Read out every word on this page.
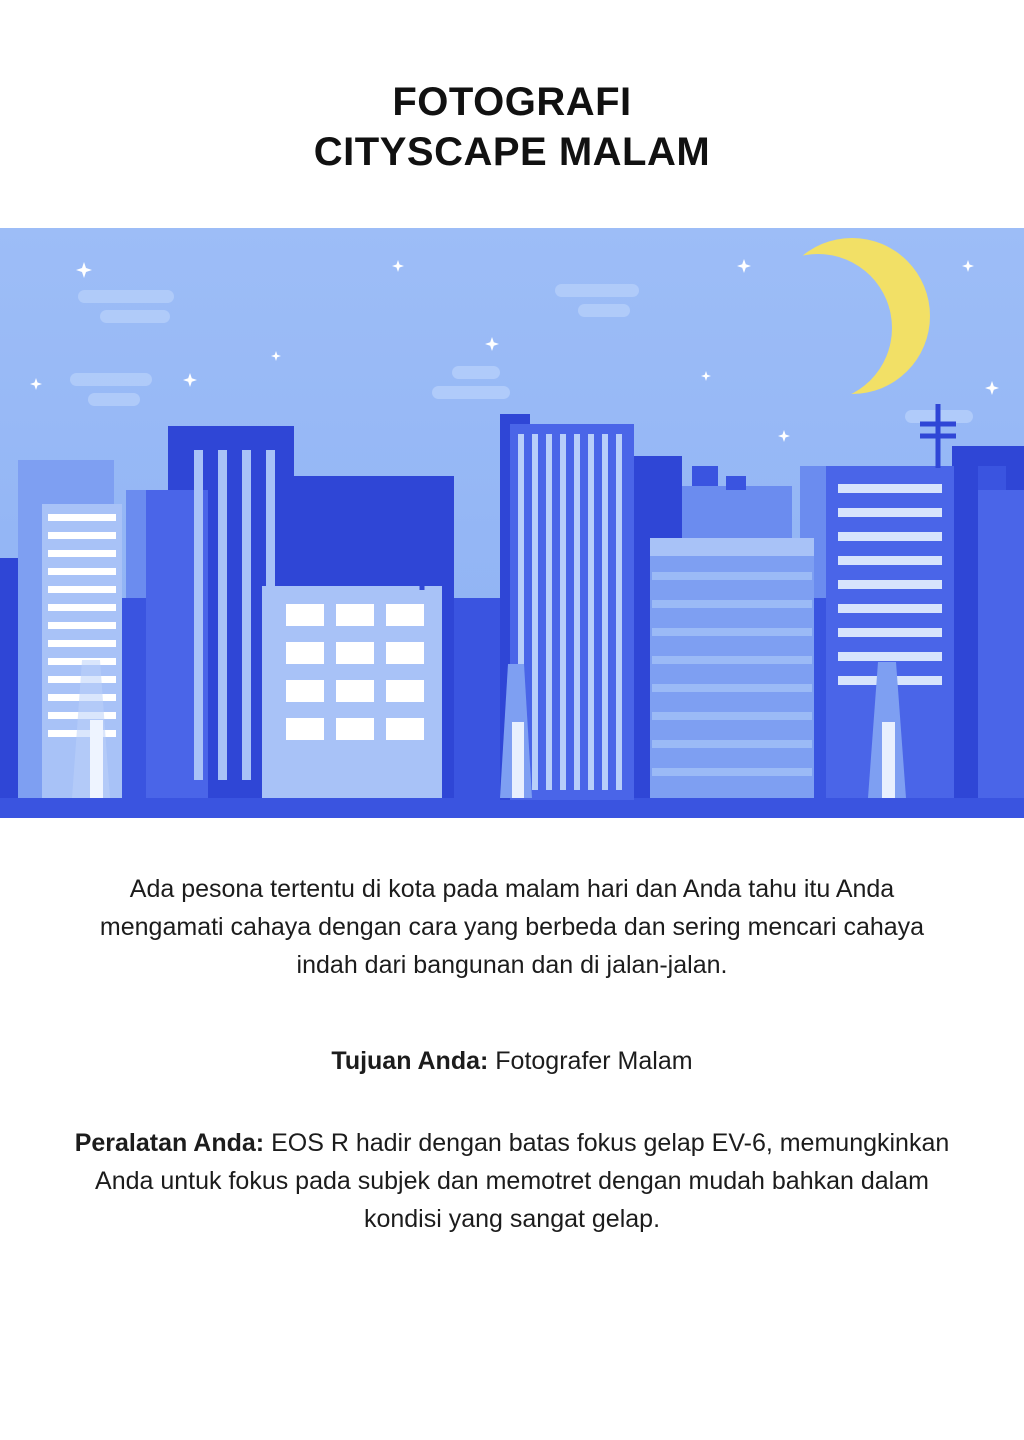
FOTOGRAFI
CITYSCAPE MALAM

Ada pesona tertentu di kota pada malam hari dan Anda tahu itu Anda mengamati cahaya dengan cara yang berbeda dan sering mencari cahaya indah dari bangunan dan di jalan-jalan.

Tujuan Anda: Fotografer Malam

Peralatan Anda: EOS R hadir dengan batas fokus gelap EV-6, memungkinkan Anda untuk fokus pada subjek dan memotret dengan mudah bahkan dalam kondisi yang sangat gelap.
